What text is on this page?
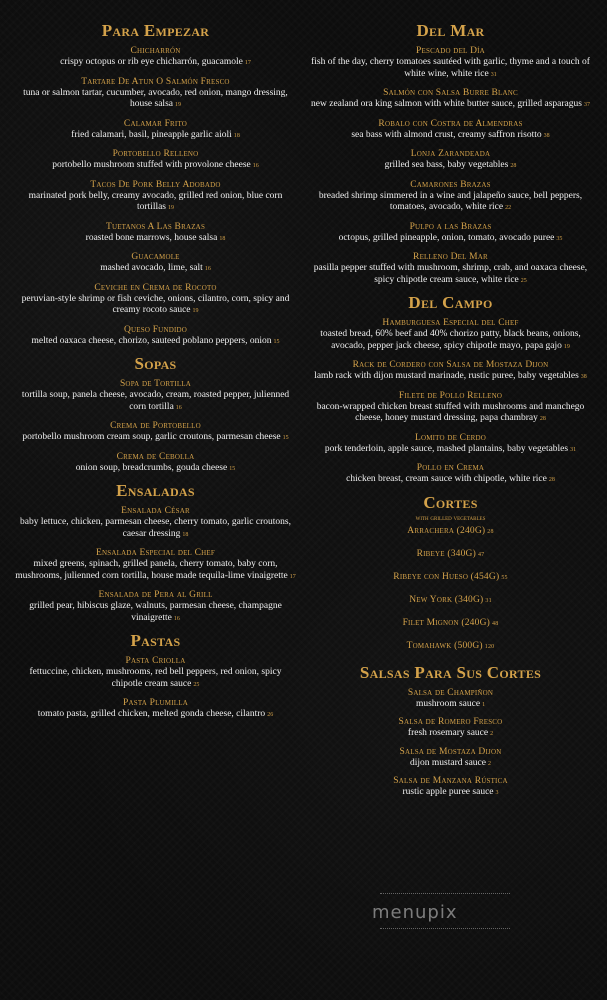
Para Empezar
Chicharrón
crispy octopus or rib eye chicharrón, guacamole 17
Tartare De Atun O Salmón Fresco
tuna or salmon tartar, cucumber, avocado, red onion, mango dressing, house salsa 19
Calamar Frito
fried calamari, basil, pineapple garlic aioli 18
Portobello Relleno
portobello mushroom stuffed with provolone cheese 16
Tacos De Pork Belly Adobado
marinated pork belly, creamy avocado, grilled red onion, blue corn tortillas 19
Tuetanos A Las Brazas
roasted bone marrows, house salsa 18
Guacamole
mashed avocado, lime, salt 16
Ceviche en Crema de Rocoto
peruvian-style shrimp or fish ceviche, onions, cilantro, corn, spicy and creamy rocoto sauce 19
Queso Fundido
melted oaxaca cheese, chorizo, sauteed poblano peppers, onion 15
Sopas
Sopa de Tortilla
tortilla soup, panela cheese, avocado, cream, roasted pepper, julienned corn tortilla 16
Crema de Portobello
portobello mushroom cream soup, garlic croutons, parmesan cheese 15
Crema de Cebolla
onion soup, breadcrumbs, gouda cheese 15
Ensaladas
Ensalada César
baby lettuce, chicken, parmesan cheese, cherry tomato, garlic croutons, caesar dressing 18
Ensalada Especial del Chef
mixed greens, spinach, grilled panela, cherry tomato, baby corn, mushrooms, julienned corn tortilla, house made tequila-lime vinaigrette 17
Ensalada de Pera al Grill
grilled pear, hibiscus glaze, walnuts, parmesan cheese, champagne vinaigrette 16
Pastas
Pasta Criolla
fettuccine, chicken, mushrooms, red bell peppers, red onion, spicy chipotle cream sauce 25
Pasta Plumilla
tomato pasta, grilled chicken, melted gonda cheese, cilantro 26
Del Mar
Pescado del Día
fish of the day, cherry tomatoes sautéed with garlic, thyme and a touch of white wine, white rice 31
Salmón con Salsa Burre Blanc
new zealand ora king salmon with white butter sauce, grilled asparagus 37
Robalo con Costra de Almendras
sea bass with almond crust, creamy saffron risotto 38
Lonja Zarandeada
grilled sea bass, baby vegetables 28
Camarones Brazas
breaded shrimp simmered in a wine and jalapeño sauce, bell peppers, tomatoes, avocado, white rice 22
Pulpo a las Brazas
octopus, grilled pineapple, onion, tomato, avocado puree 35
Relleno Del Mar
pasilla pepper stuffed with mushroom, shrimp, crab, and oaxaca cheese, spicy chipotle cream sauce, white rice 25
Del Campo
Hamburguesa Especial del Chef
toasted bread, 60% beef and 40% chorizo patty, black beans, onions, avocado, pepper jack cheese, spicy chipotle mayo, papa gajo 19
Rack de Cordero con Salsa de Mostaza Dijon
lamb rack with dijon mustard marinade, rustic puree, baby vegetables 38
Filete de Pollo Relleno
bacon-wrapped chicken breast stuffed with mushrooms and manchego cheese, honey mustard dressing, papa chambray 28
Lomito de Cerdo
pork tenderloin, apple sauce, mashed plantains, baby vegetables 31
Pollo en Crema
chicken breast, cream sauce with chipotle, white rice 28
Cortes
with grilled vegetables
Arrachera (240G) 28
Ribeye (340G) 47
Ribeye con Hueso (454G) 55
New York (340G) 31
Filet Mignon (240G) 48
Tomahawk (500G) 120
Salsas Para Sus Cortes
Salsa de Champiñon
mushroom sauce 1
Salsa de Romero Fresco
fresh rosemary sauce 2
Salsa de Mostaza Dijon
dijon mustard sauce 2
Salsa de Manzana Rústica
rustic apple puree sauce 3
menupix
